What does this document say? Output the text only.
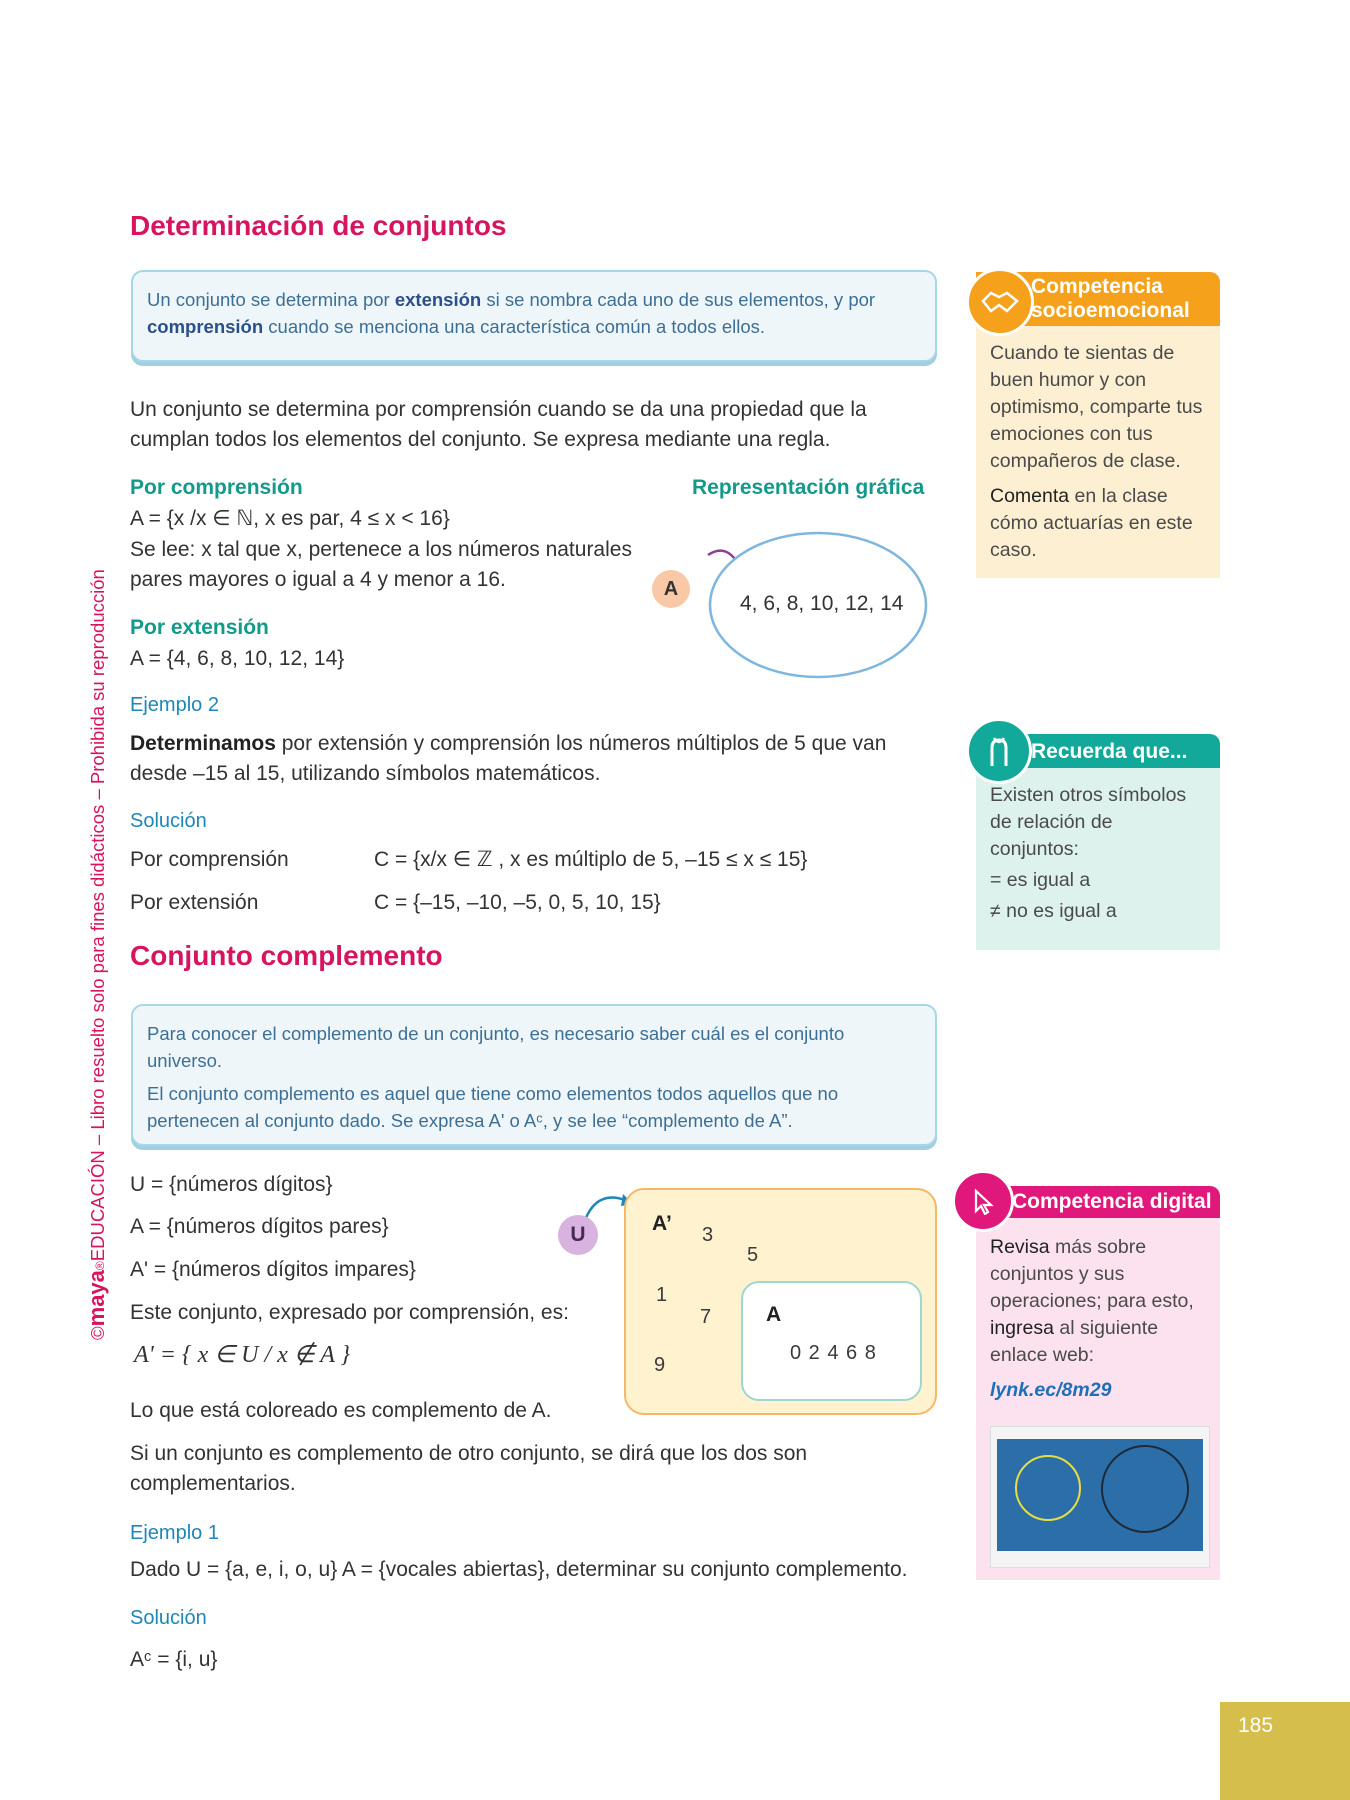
©maya®EDUCACIÓN – Libro resuelto solo para fines didácticos – Prohibida su reproducción
Determinación de conjuntos
Un conjunto se determina por extensión si se nombra cada uno de sus elementos, y por comprensión cuando se menciona una característica común a todos ellos.
Un conjunto se determina por comprensión cuando se da una propiedad que la cumplan todos los elementos del conjunto. Se expresa mediante una regla.
Por comprensión	Representación gráfica
A = {x /x ∈ ℕ, x es par, 4 ≤ x < 16}
Se lee: x tal que x, pertenece a los números naturales
pares mayores o igual a 4 y menor a 16.
Por extensión
A = {4, 6, 8, 10, 12, 14}
A
4, 6, 8, 10, 12, 14
Ejemplo 2
Determinamos por extensión y comprensión los números múltiplos de 5 que van desde –15 al 15, utilizando símbolos matemáticos.
Solución
Por comprensión	C = {x/x ∈ ℤ , x es múltiplo de 5, –15 ≤ x ≤ 15}
Por extensión	C = {–15, –10, –5, 0, 5, 10, 15}
Conjunto complemento
Para conocer el complemento de un conjunto, es necesario saber cuál es el conjunto universo.
El conjunto complemento es aquel que tiene como elementos todos aquellos que no pertenecen al conjunto dado. Se expresa A' o Aᶜ, y se lee “complemento de A”.
U = {números dígitos}
A = {números dígitos pares}
A' = {números dígitos impares}
Este conjunto, expresado por comprensión, es:
A' = { x ∈ U / x ∉ A }
Lo que está coloreado es complemento de A.
Si un conjunto es complemento de otro conjunto, se dirá que los dos son complementarios.
U	A’ 3
5
1
7
9
A
0 2 4 6 8
Ejemplo 1
Dado U = {a, e, i, o, u} A = {vocales abiertas}, determinar su conjunto complemento.
Solución
Aᶜ = {i, u}
Competencia
socioemocional
Cuando te sientas de buen humor y con optimismo, comparte tus emociones con tus compañeros de clase.
Comenta en la clase cómo actuarías en este caso.
Recuerda que...
Existen otros símbolos de relación de conjuntos:
= es igual a
≠ no es igual a
Competencia digital
Revisa más sobre conjuntos y sus operaciones; para esto, ingresa al siguiente enlace web:
lynk.ec/8m29
185
